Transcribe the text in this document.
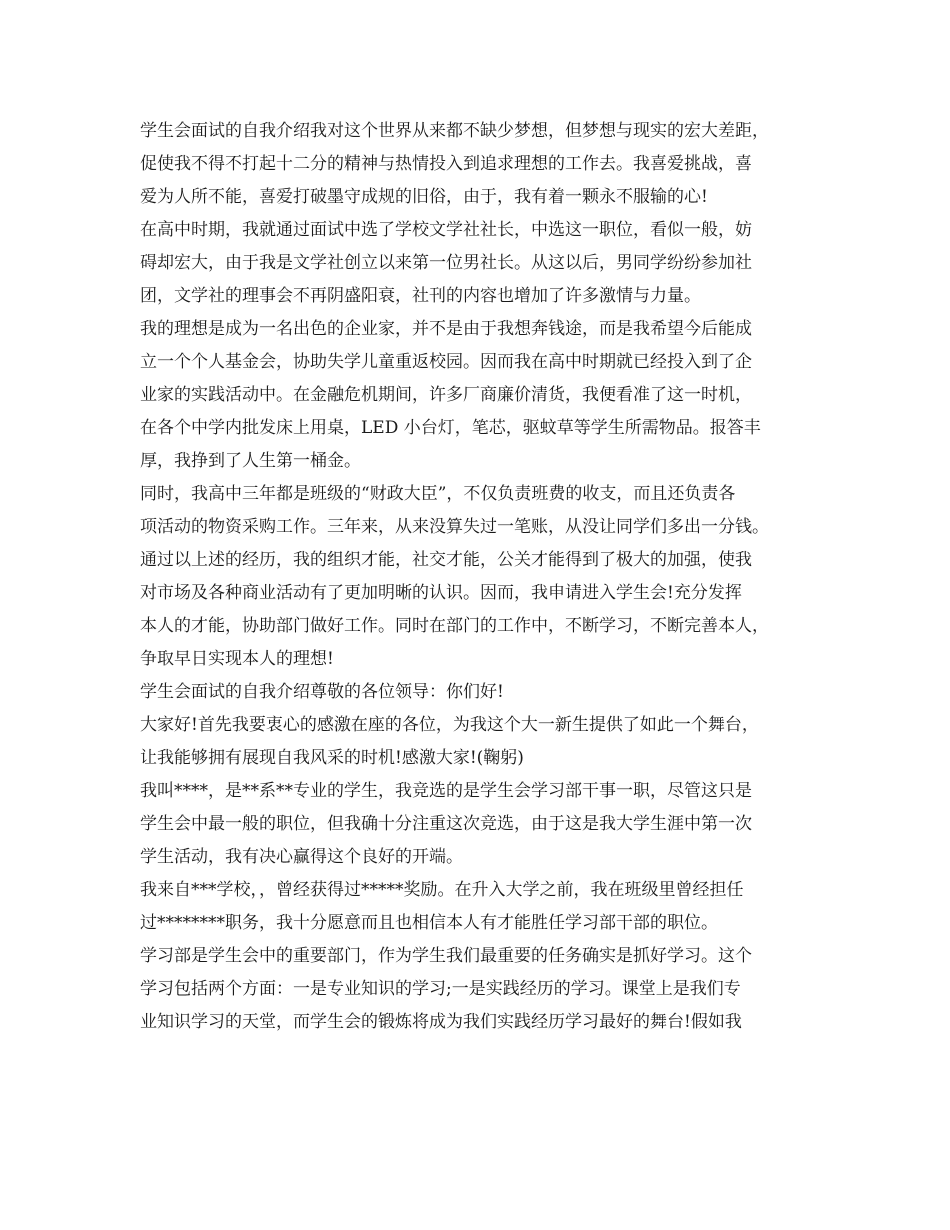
学生会面试的自我介绍我对这个世界从来都不缺少梦想，但梦想与现实的宏大差距，
促使我不得不打起十二分的精神与热情投入到追求理想的工作去。我喜爱挑战，喜
爱为人所不能，喜爱打破墨守成规的旧俗，由于，我有着一颗永不服输的心!
在高中时期，我就通过面试中选了学校文学社社长，中选这一职位，看似一般，妨
碍却宏大，由于我是文学社创立以来第一位男社长。从这以后，男同学纷纷参加社
团，文学社的理事会不再阴盛阳衰，社刊的内容也增加了许多激情与力量。
我的理想是成为一名出色的企业家，并不是由于我想奔钱途，而是我希望今后能成
立一个个人基金会，协助失学儿童重返校园。因而我在高中时期就已经投入到了企
业家的实践活动中。在金融危机期间，许多厂商廉价清货，我便看准了这一时机，
在各个中学内批发床上用桌，LED 小台灯，笔芯，驱蚊草等学生所需物品。报答丰
厚，我挣到了人生第一桶金。
同时，我高中三年都是班级的“财政大臣”，不仅负责班费的收支，而且还负责各
项活动的物资采购工作。三年来，从来没算失过一笔账，从没让同学们多出一分钱。
通过以上述的经历，我的组织才能，社交才能，公关才能得到了极大的加强，使我
对市场及各种商业活动有了更加明晰的认识。因而，我申请进入学生会!充分发挥
本人的才能，协助部门做好工作。同时在部门的工作中，不断学习，不断完善本人，
争取早日实现本人的理想!
学生会面试的自我介绍尊敬的各位领导：你们好!
大家好!首先我要衷心的感激在座的各位，为我这个大一新生提供了如此一个舞台，
让我能够拥有展现自我风采的时机!感激大家!(鞠躬)
我叫****，是**系**专业的学生，我竞选的是学生会学习部干事一职，尽管这只是
学生会中最一般的职位，但我确十分注重这次竞选，由于这是我大学生涯中第一次
学生活动，我有决心赢得这个良好的开端。
我来自***学校，，曾经获得过*****奖励。在升入大学之前，我在班级里曾经担任
过********职务，我十分愿意而且也相信本人有才能胜任学习部干部的职位。
学习部是学生会中的重要部门，作为学生我们最重要的任务确实是抓好学习。这个
学习包括两个方面：一是专业知识的学习;一是实践经历的学习。课堂上是我们专
业知识学习的天堂，而学生会的锻炼将成为我们实践经历学习最好的舞台!假如我
